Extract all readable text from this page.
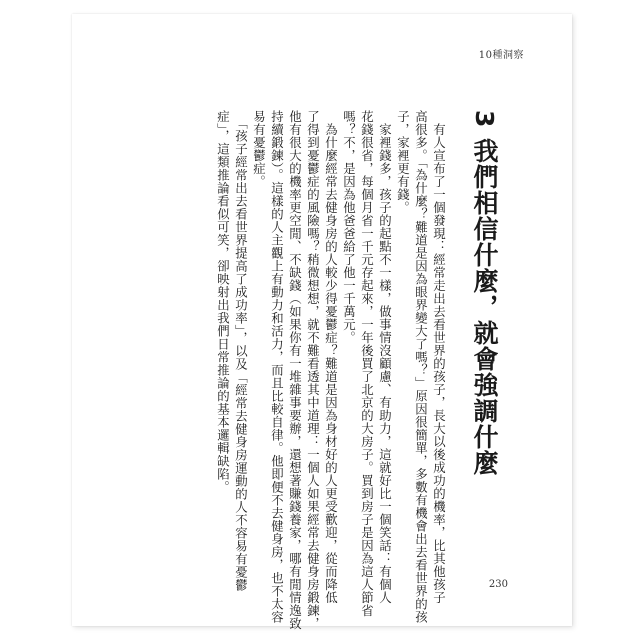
10種洞察
3 我們相信什麼，就會強調什麼
　有人宣布了一個發現：經常走出去看世界的孩子，長大以後成功的機率，比其他孩子
高很多。「為什麼？難道是因為眼界變大了嗎？」原因很簡單，多數有機會出去看世界的孩
子，家裡更有錢。
　家裡錢多，孩子的起點不一樣，做事情沒顧慮、有助力，這就好比一個笑話：有個人
花錢很省，每個月省一千元存起來，一年後買了北京的大房子。買到房子是因為這人節省
嗎？不，是因為他爸爸給了他一千萬元。
　為什麼經常去健身房的人較少得憂鬱症？難道是因為身材好的人更受歡迎，從而降低
了得到憂鬱症的風險嗎？稍微想想，就不難看透其中道理：一個人如果經常去健身房鍛鍊，
他有很大的機率更空閒、不缺錢（如果你有一堆雜事要辦，還想著賺錢養家，哪有閒情逸致
持續鍛鍊）。這樣的人主觀上有動力和活力，而且比較自律。他即便不去健身房，也不太容
易有憂鬱症。
　「孩子經常出去看世界提高了成功率」，以及「經常去健身房運動的人不容易有憂鬱
症」，這類推論看似可笑，卻映射出我們日常推論的基本邏輯缺陷。
230
